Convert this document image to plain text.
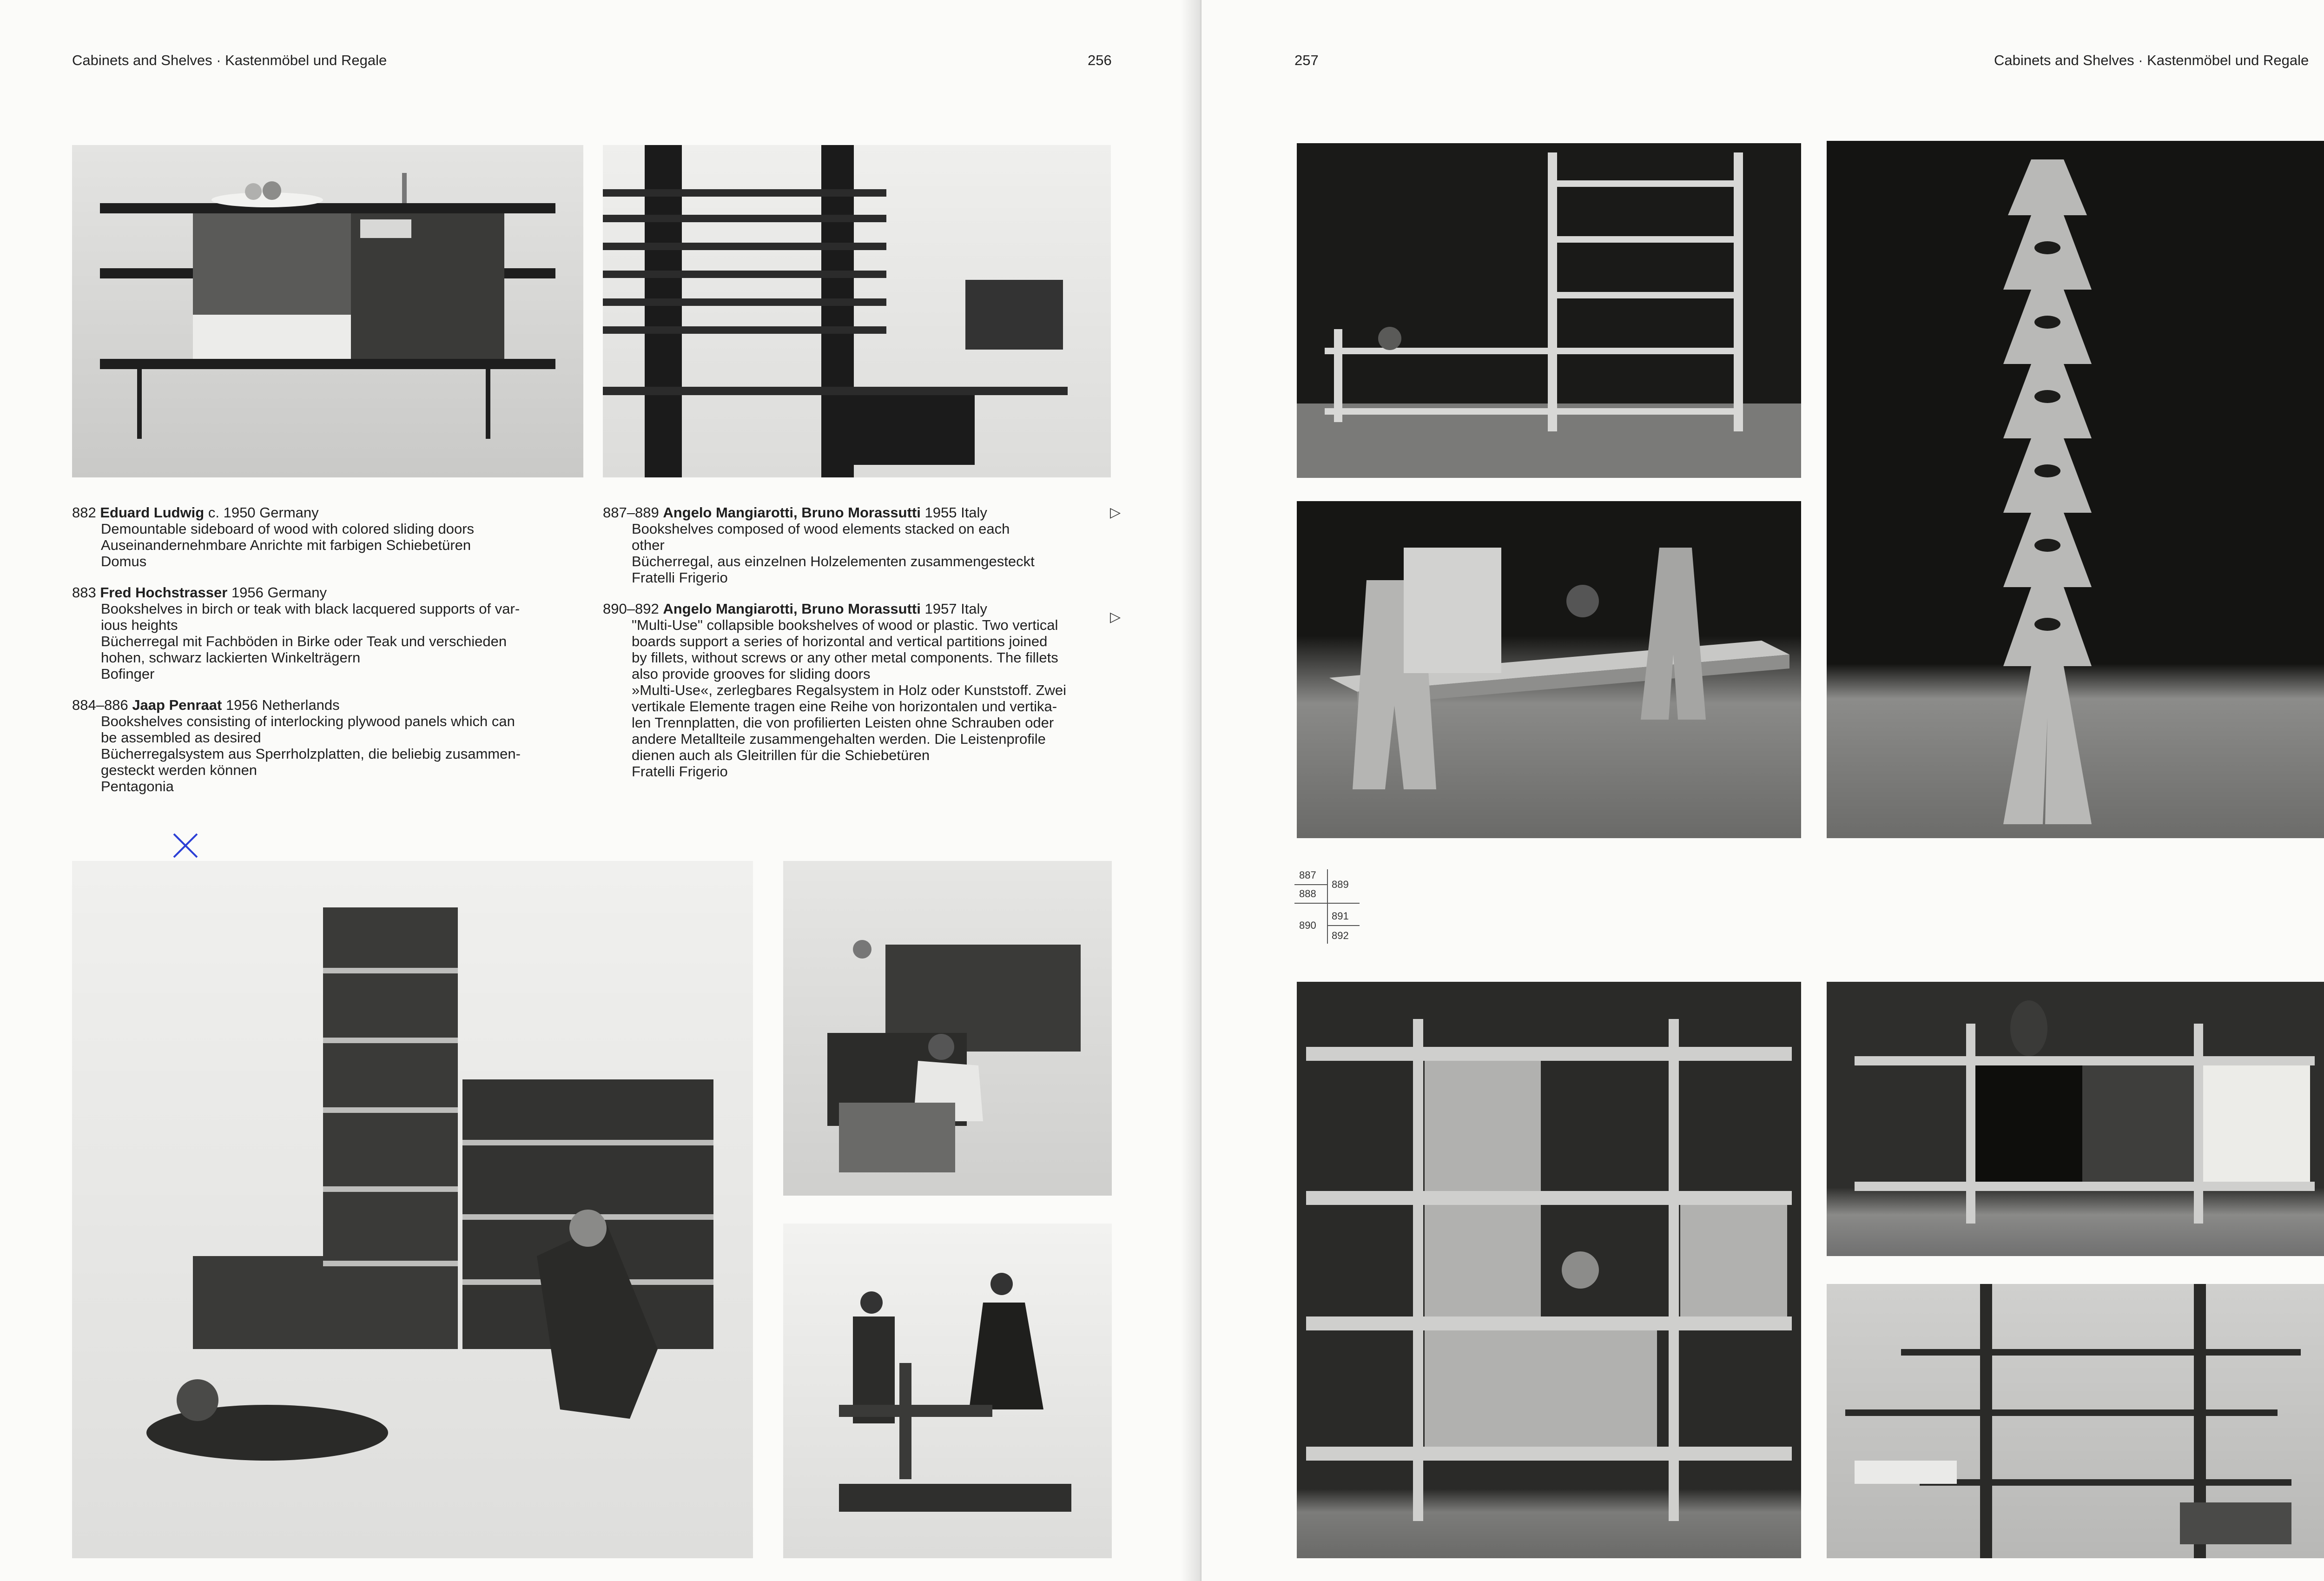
Cabinets and Shelves · Kastenmöbel und Regale	256

882 Eduard Ludwig c. 1950 Germany

Demountable sideboard of wood with colored sliding doors
Auseinandernehmbare Anrichte mit farbigen Schiebetüren
Domus

883 Fred Hochstrasser 1956 Germany

Bookshelves in birch or teak with black lacquered supports of var-
ious heights
Bücherregal mit Fachböden in Birke oder Teak und verschieden
hohen, schwarz lackierten Winkelträgern
Bofinger

884–886 Jaap Penraat 1956 Netherlands

Bookshelves consisting of interlocking plywood panels which can
be assembled as desired
Bücherregalsystem aus Sperrholzplatten, die beliebig zusammen-
gesteckt werden können
Pentagonia

887–889 Angelo Mangiarotti, Bruno Morassutti 1955 Italy

Bookshelves composed of wood elements stacked on each
other
Bücherregal, aus einzelnen Holzelementen zusammengesteckt
Fratelli Frigerio

890–892 Angelo Mangiarotti, Bruno Morassutti 1957 Italy

"Multi-Use" collapsible bookshelves of wood or plastic. Two vertical
boards support a series of horizontal and vertical partitions joined
by fillets, without screws or any other metal components. The fillets
also provide grooves for sliding doors
»Multi-Use«, zerlegbares Regalsystem in Holz oder Kunststoff. Zwei
vertikale Elemente tragen eine Reihe von horizontalen und vertika-
len Trennplatten, die von profilierten Leisten ohne Schrauben oder
andere Metallteile zusammengehalten werden. Die Leistenprofile
dienen auch als Gleitrillen für die Schiebetüren
Fratelli Frigerio
▷
▷
257	Cabinets and Shelves · Kastenmöbel und Regale
887
888
890
889
891
892
